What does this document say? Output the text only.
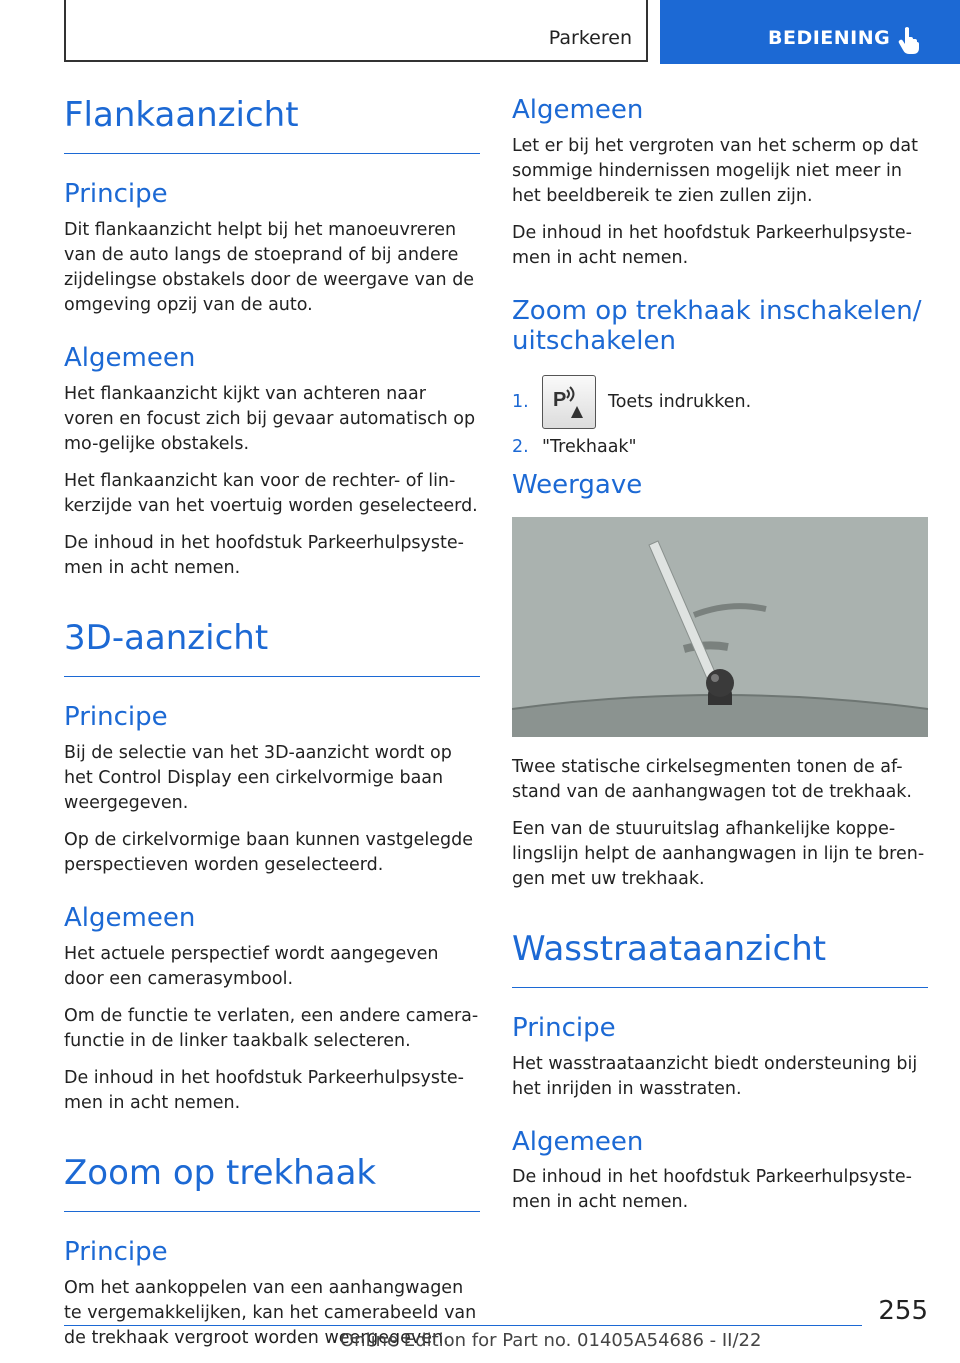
Parkeren	BEDIENING
Flankaanzicht
Principe

Dit flankaanzicht helpt bij het manoeuvreren van de auto langs de stoeprand of bij andere zijdelingse obstakels door de weergave van de omgeving opzij van de auto.

Algemeen

Het flankaanzicht kijkt van achteren naar voren en focust zich bij gevaar automatisch op mo-gelijke obstakels.

Het flankaanzicht kan voor de rechter- of lin-kerzijde van het voertuig worden geselecteerd.

De inhoud in het hoofdstuk Parkeerhulpsyste-men in acht nemen.

3D-aanzicht
Principe

Bij de selectie van het 3D-aanzicht wordt op het Control Display een cirkelvormige baan weergegeven.

Op de cirkelvormige baan kunnen vastgelegde perspectieven worden geselecteerd.

Algemeen

Het actuele perspectief wordt aangegeven door een camerasymbool.

Om de functie te verlaten, een andere camera-functie in de linker taakbalk selecteren.

De inhoud in het hoofdstuk Parkeerhulpsyste-men in acht nemen.

Zoom op trekhaak
Principe

Om het aankoppelen van een aanhangwagen te vergemakkelijken, kan het camerabeeld van de trekhaak vergroot worden weergegeven.

Algemeen

Let er bij het vergroten van het scherm op dat sommige hindernissen mogelijk niet meer in het beeldbereik te zien zullen zijn.

De inhoud in het hoofdstuk Parkeerhulpsyste-men in acht nemen.

Zoom op trekhaak inschakelen/ uitschakelen
1.	P Toets indrukken.
2. "Trekhaak"
Weergave

Twee statische cirkelsegmenten tonen de af-stand van de aanhangwagen tot de trekhaak.

Een van de stuuruitslag afhankelijke koppe-lingslijn helpt de aanhangwagen in lijn te bren-gen met uw trekhaak.

Wasstraataanzicht
Principe

Het wasstraataanzicht biedt ondersteuning bij het inrijden in wasstraten.

Algemeen

De inhoud in het hoofdstuk Parkeerhulpsyste-men in acht nemen.

255
Online Edition for Part no. 01405A54686 - II/22
